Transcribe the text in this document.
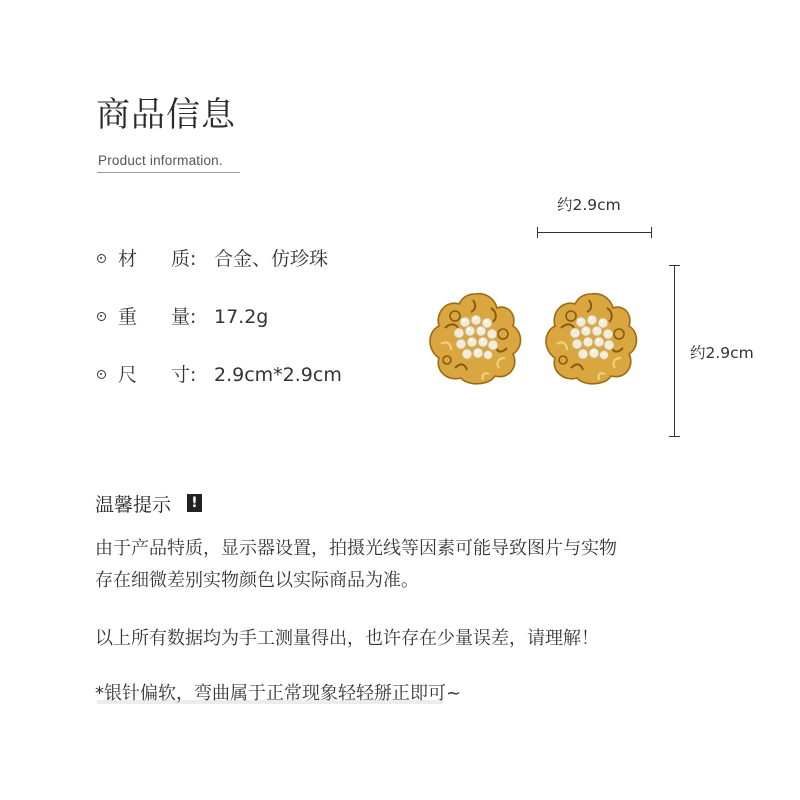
商品信息
Product information.
材 质 : 合金、仿珍珠
重 量 : 17.2g
尺 寸 : 2.9cm*2.9cm
约2.9cm
约2.9cm
温馨提示	!
由于产品特质，显示器设置，拍摄光线等因素可能导致图片与实物
存在细微差别实物颜色以实际商品为准。
以上所有数据均为手工测量得出，也许存在少量误差，请理解！
*银针偏软，弯曲属于正常现象轻轻掰正即可~
